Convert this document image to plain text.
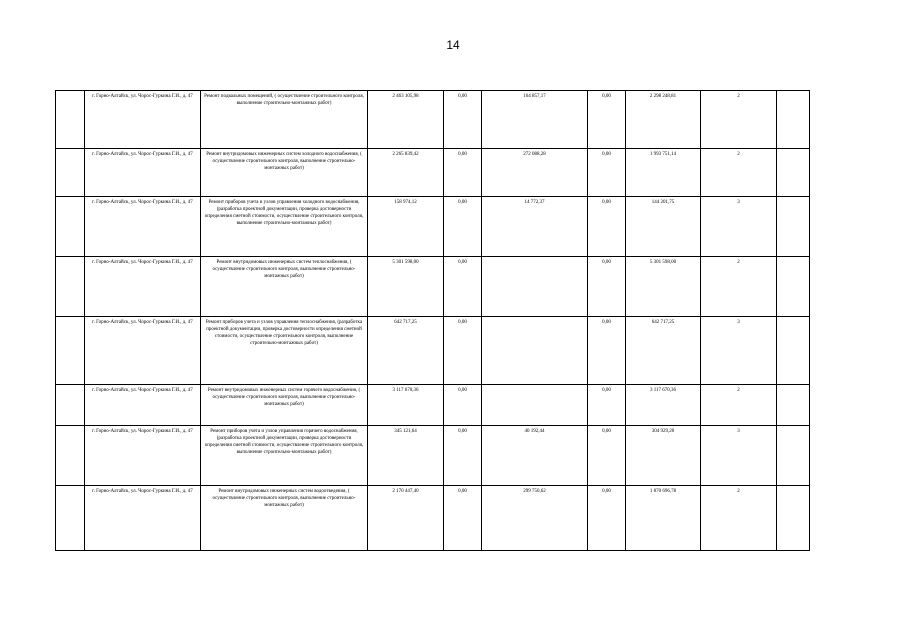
14
	г. Горно-Алтайск, ул. Чорос-Гуркина Г.И., д. 47	Ремонт подвальных помещений, ( осуществление строительного контроля, выполнение строительно-монтажных работ)	2 463 105,98	0,00	164 857,17	0,00	2 298 248,81	2	
	г. Горно-Алтайск, ул. Чорос-Гуркина Г.И., д. 47	Ремонт внутридомовых инженерных систем холодного водоснабжения, ( осуществление строительного контроля, выполнение строительно-монтажных работ)	2 265 839,42	0,00	272 088,28	0,00	1 993 751,14	2	
	г. Горно-Алтайск, ул. Чорос-Гуркина Г.И., д. 47	Ремонт приборов учета и узлов управления холодного водоснабжения, (разработка проектной документации, проверка достоверности определения сметной стоимости, осуществление строительного контроля, выполнение строительно-монтажных работ)	158 974,12	0,00	14 772,37	0,00	144 201,75	3	
	г. Горно-Алтайск, ул. Чорос-Гуркина Г.И., д. 47	Ремонт внутридомовых инженерных систем теплоснабжения, ( осуществление строительного контроля, выполнение строительно-монтажных работ)	5 301 598,00	0,00		0,00	5 301 598,00	2	
	г. Горно-Алтайск, ул. Чорос-Гуркина Г.И., д. 47	Ремонт приборов учета и узлов управления теплоснабжения, (разработка проектной документации, проверка достоверности определения сметной стоимости, осуществление строительного контроля, выполнение строительно-монтажных работ)	642 717,25	0,00		0,00	642 717,25	3	
	г. Горно-Алтайск, ул. Чорос-Гуркина Г.И., д. 47	Ремонт внутридомовых инженерных систем горячего водоснабжения, ( осуществление строительного контроля, выполнение строительно-монтажных работ)	3 117 670,36	0,00		0,00	3 117 670,36	2	
	г. Горно-Алтайск, ул. Чорос-Гуркина Г.И., д. 47	Ремонт приборов учета и узлов управления горячего водоснабжения, (разработка проектной документации, проверка достоверности определения сметной стоимости, осуществление строительного контроля, выполнение строительно-монтажных работ)	345 121,64	0,00	40 192,44	0,00	304 929,20	3	
	г. Горно-Алтайск, ул. Чорос-Гуркина Г.И., д. 47	Ремонт внутридомовых инженерных систем водоотведения, ( осуществление строительного контроля, выполнение строительно-монтажных работ)	2 170 447,40	0,00	299 750,62	0,00	1 870 696,78	2	
